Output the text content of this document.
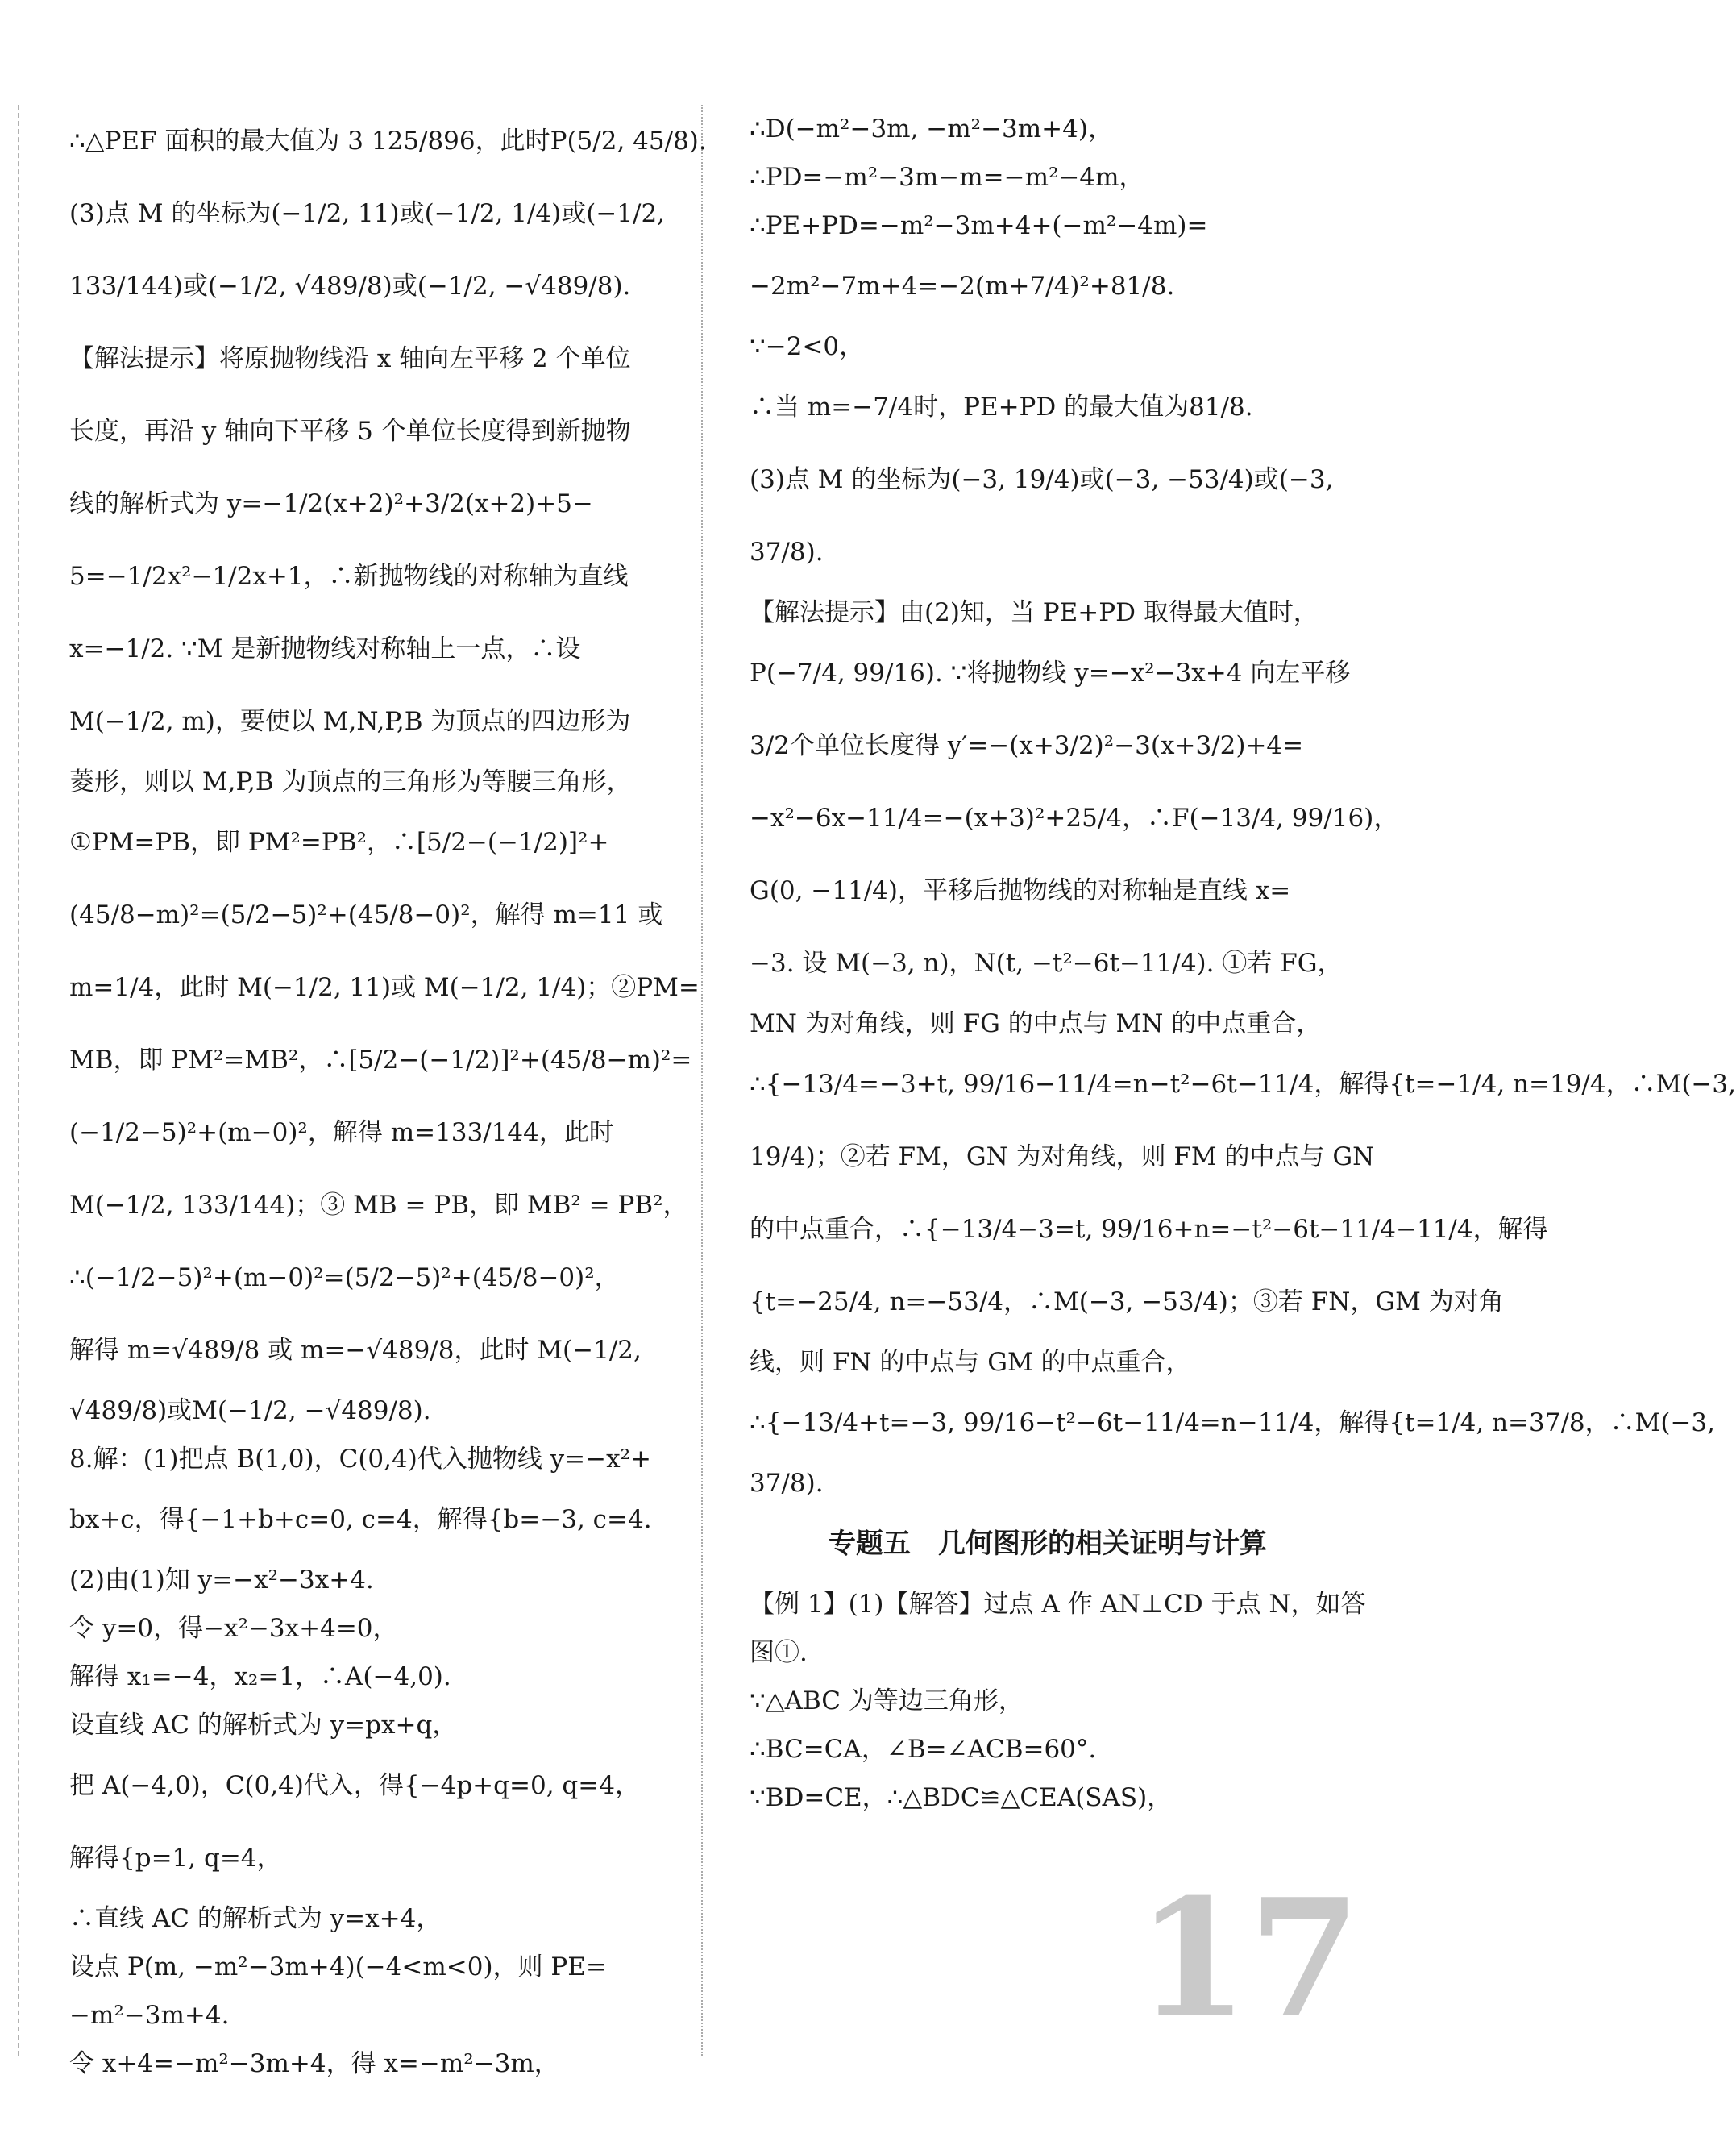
∴△PEF 面积的最大值为 3 125/896，此时P(5/2, 45/8).
(3)点 M 的坐标为(−1/2, 11)或(−1/2, 1/4)或(−1/2,
133/144)或(−1/2, √489/8)或(−1/2, −√489/8).
【解法提示】将原抛物线沿 x 轴向左平移 2 个单位
长度，再沿 y 轴向下平移 5 个单位长度得到新抛物
线的解析式为 y=−1/2(x+2)²+3/2(x+2)+5−
5=−1/2x²−1/2x+1，∴新抛物线的对称轴为直线
x=−1/2. ∵M 是新抛物线对称轴上一点，∴设
M(−1/2, m)，要使以 M,N,P,B 为顶点的四边形为
菱形，则以 M,P,B 为顶点的三角形为等腰三角形，
①PM=PB，即 PM²=PB²，∴[5/2−(−1/2)]²+
(45/8−m)²=(5/2−5)²+(45/8−0)²，解得 m=11 或
m=1/4，此时 M(−1/2, 11)或 M(−1/2, 1/4)；②PM=
MB，即 PM²=MB²，∴[5/2−(−1/2)]²+(45/8−m)²=
(−1/2−5)²+(m−0)²，解得 m=133/144，此时
M(−1/2, 133/144)；③ MB = PB，即 MB² = PB²，
∴(−1/2−5)²+(m−0)²=(5/2−5)²+(45/8−0)²，
解得 m=√489/8 或 m=−√489/8，此时 M(−1/2,
√489/8)或M(−1/2, −√489/8).
8.解：(1)把点 B(1,0)，C(0,4)代入抛物线 y=−x²+
bx+c，得{−1+b+c=0, c=4，解得{b=−3, c=4.
(2)由(1)知 y=−x²−3x+4.
令 y=0，得−x²−3x+4=0，
解得 x₁=−4，x₂=1，∴A(−4,0).
设直线 AC 的解析式为 y=px+q，
把 A(−4,0)，C(0,4)代入，得{−4p+q=0, q=4，
解得{p=1, q=4，
∴直线 AC 的解析式为 y=x+4，
设点 P(m, −m²−3m+4)(−4<m<0)，则 PE=
−m²−3m+4.
令 x+4=−m²−3m+4，得 x=−m²−3m，
∴D(−m²−3m, −m²−3m+4)，
∴PD=−m²−3m−m=−m²−4m，
∴PE+PD=−m²−3m+4+(−m²−4m)=
−2m²−7m+4=−2(m+7/4)²+81/8.
∵−2<0，
∴当 m=−7/4时，PE+PD 的最大值为81/8.
(3)点 M 的坐标为(−3, 19/4)或(−3, −53/4)或(−3,
37/8).
【解法提示】由(2)知，当 PE+PD 取得最大值时，
P(−7/4, 99/16). ∵将抛物线 y=−x²−3x+4 向左平移
3/2个单位长度得 y′=−(x+3/2)²−3(x+3/2)+4=
−x²−6x−11/4=−(x+3)²+25/4，∴F(−13/4, 99/16)，
G(0, −11/4)，平移后抛物线的对称轴是直线 x=
−3. 设 M(−3, n)，N(t, −t²−6t−11/4). ①若 FG，
MN 为对角线，则 FG 的中点与 MN 的中点重合，
∴{−13/4=−3+t, 99/16−11/4=n−t²−6t−11/4，解得{t=−1/4, n=19/4，∴M(−3,
19/4)；②若 FM，GN 为对角线，则 FM 的中点与 GN
的中点重合，∴{−13/4−3=t, 99/16+n=−t²−6t−11/4−11/4，解得
{t=−25/4, n=−53/4，∴M(−3, −53/4)；③若 FN，GM 为对角
线，则 FN 的中点与 GM 的中点重合，
∴{−13/4+t=−3, 99/16−t²−6t−11/4=n−11/4，解得{t=1/4, n=37/8，∴M(−3,
37/8).
专题五　几何图形的相关证明与计算
【例 1】(1)【解答】过点 A 作 AN⊥CD 于点 N，如答
图①.
∵△ABC 为等边三角形，
∴BC=CA，∠B=∠ACB=60°.
∵BD=CE，∴△BDC≌△CEA(SAS)，
17
